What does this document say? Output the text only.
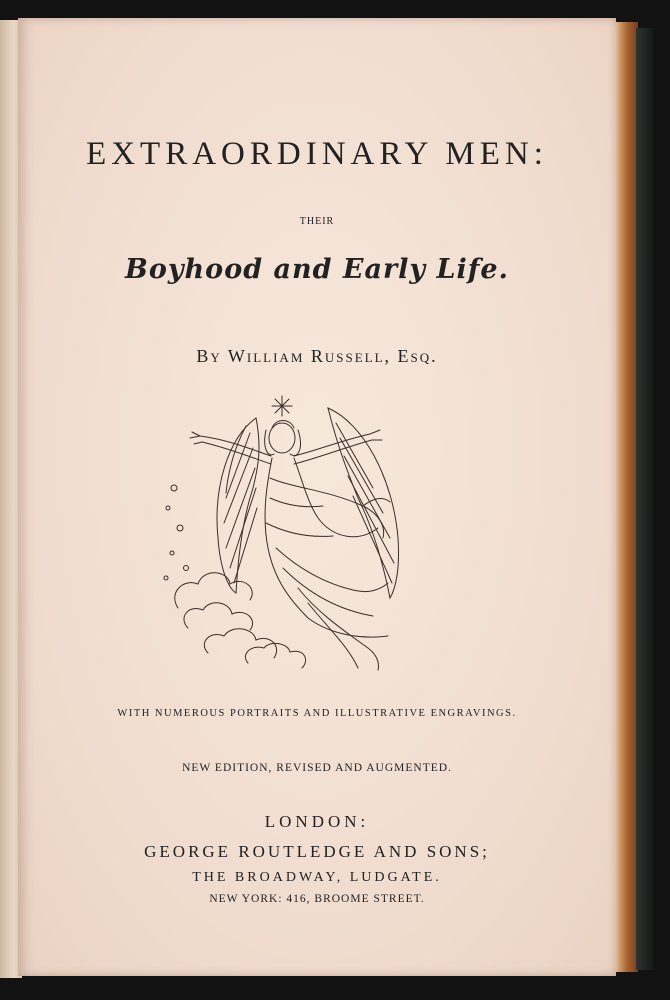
EXTRAORDINARY MEN:
THEIR
Boyhood and Early Life.
By William Russell, Esq.
WITH NUMEROUS PORTRAITS AND ILLUSTRATIVE ENGRAVINGS.
NEW EDITION, REVISED AND AUGMENTED.
LONDON:
GEORGE ROUTLEDGE AND SONS;
THE BROADWAY, LUDGATE.
NEW YORK: 416, BROOME STREET.
